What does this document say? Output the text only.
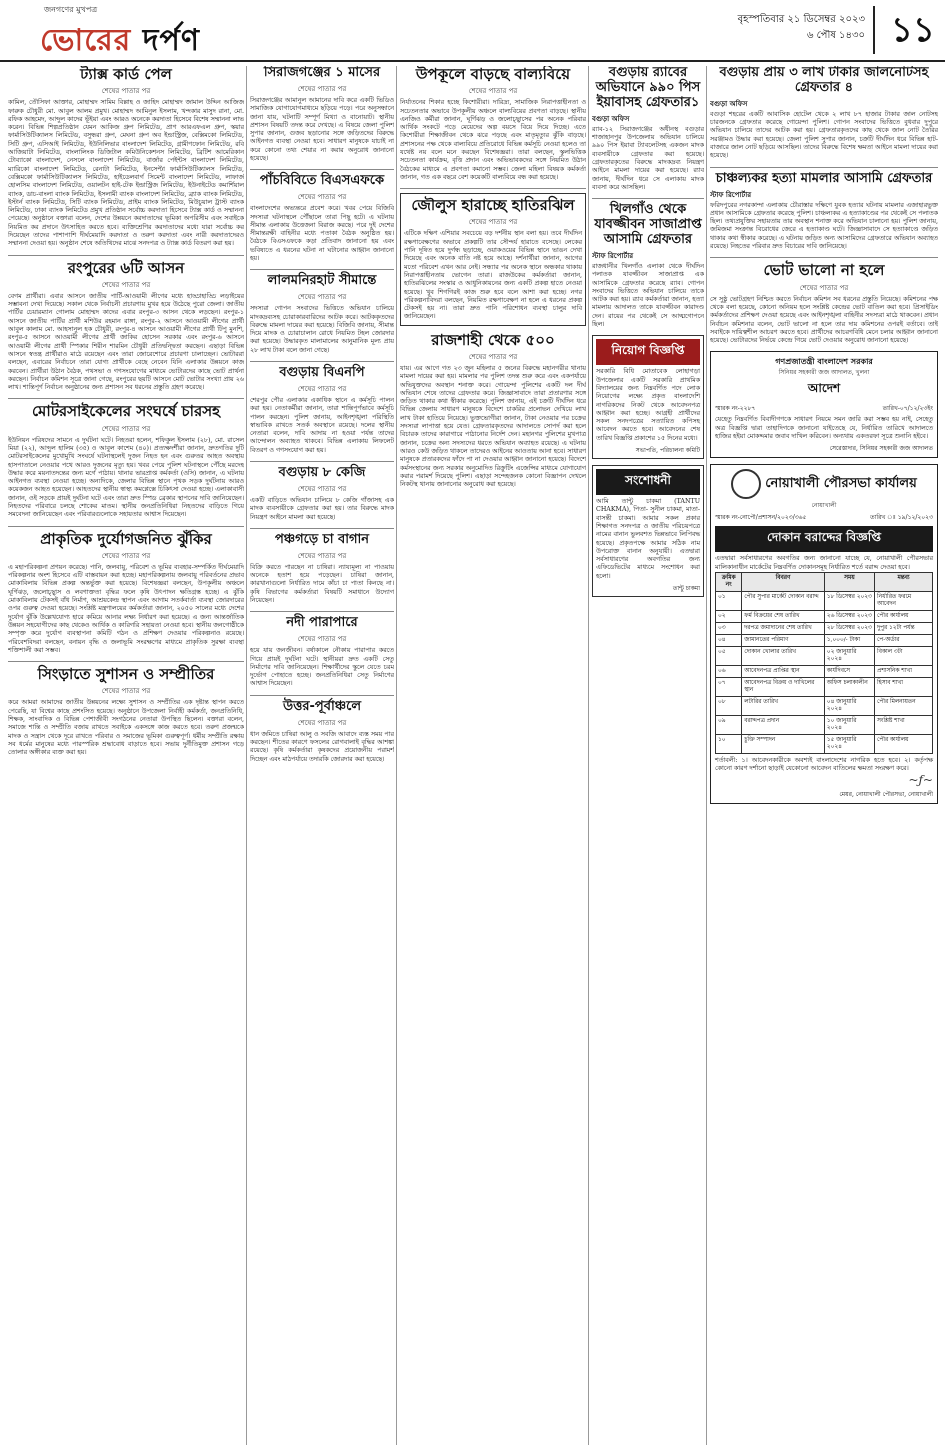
জনগণের মুখপত্র
ভোরের দর্পণ
বৃহস্পতিবার ২১ ডিসেম্বর ২০২৩
৬ পৌষ ১৪৩০ ১১
ট্যাক্স কার্ড পেল
শেষের পাতার পর
কামিল, তৌসিফা আক্তার, মোহাম্মদ সামিম বিল্লাহ ও জাহিদ মোহাম্মদ জামাল উদ্দিন আজিজ ফারুক চৌধুরী মো. আবুল আলম প্রমুখ। মোহাম্মদ আমিনুল ইসলাম, খন্দকার মাসুদ রানা, মো. রফিক আহমেদ, আব্দুল কাদের ভূঁইয়া এবং আরও অনেকে করদাতা হিসেবে বিশেষ সম্মাননা লাভ করেন। বিভিন্ন শিল্পপ্রতিষ্ঠান যেমন আকিজ গ্রুপ লিমিটেড, প্রাণ আরএফএল গ্রুপ, স্কয়ার ফার্মাসিউটিক্যালস লিমিটেড, বসুন্ধরা গ্রুপ, মেঘনা গ্রুপ অব ইন্ডাস্ট্রিজ, বেক্সিমকো লিমিটেড, সিটি গ্রুপ, এসিআই লিমিটেড, ইউনিলিভার বাংলাদেশ লিমিটেড, গ্রামীণফোন লিমিটেড, রবি আজিয়াটা লিমিটেড, বাংলালিংক ডিজিটাল কমিউনিকেশনস লিমিটেড, ব্রিটিশ আমেরিকান টোব্যাকো বাংলাদেশ, নেসলে বাংলাদেশ লিমিটেড, বার্জার পেইন্টস বাংলাদেশ লিমিটেড, ম্যারিকো বাংলাদেশ লিমিটেড, রেনাটা লিমিটেড, ইনসেপ্টা ফার্মাসিউটিক্যালস লিমিটেড, বেক্সিমকো ফার্মাসিউটিক্যালস লিমিটেড, হাইডেলবার্গ সিমেন্ট বাংলাদেশ লিমিটেড, লাফার্জ হোলসিম বাংলাদেশ লিমিটেড, ওয়ালটন হাই-টেক ইন্ডাস্ট্রিজ লিমিটেড, ইউনাইটেড কমার্শিয়াল ব্যাংক, ডাচ-বাংলা ব্যাংক লিমিটেড, ইসলামী ব্যাংক বাংলাদেশ লিমিটেড, ব্র্যাক ব্যাংক লিমিটেড, ইস্টার্ন ব্যাংক লিমিটেড, সিটি ব্যাংক লিমিটেড, প্রাইম ব্যাংক লিমিটেড, মিউচুয়াল ট্রাস্ট ব্যাংক লিমিটেড, ঢাকা ব্যাংক লিমিটেড প্রমুখ প্রতিষ্ঠান সর্বোচ্চ করদাতা হিসেবে ট্যাক্স কার্ড ও সম্মাননা পেয়েছে। অনুষ্ঠানে বক্তারা বলেন, দেশের উন্নয়নে করদাতাদের ভূমিকা অপরিসীম এবং সবাইকে নিয়মিত কর প্রদানে উৎসাহিত করতে হবে। ব্যক্তিশ্রেণির করদাতাদের মধ্যে যারা সর্বোচ্চ কর দিয়েছেন তাদের পাশাপাশি দীর্ঘমেয়াদি করদাতা ও তরুণ করদাতা এবং নারী করদাতাদেরও সম্মাননা দেওয়া হয়। অনুষ্ঠান শেষে অতিথিদের মাঝে সনদপত্র ও ট্যাক্স কার্ড বিতরণ করা হয়।
রংপুরের ৬টি আসন
শেষের পাতার পর
বেগম প্রার্থীরা। এবার আসনে জাতীয় পার্টি-আওয়ামী লীগের মধ্যে হাড্ডাহাড্ডি লড়াইয়ের সম্ভাবনা দেখা দিয়েছে। সকাল থেকে নির্বাচনী প্রচারণায় মুখর হয়ে উঠেছে পুরো জেলা। জাতীয় পার্টির চেয়ারম্যান গোলাম মোহাম্মদ কাদের এবার রংপুর-৩ আসন থেকে লড়ছেন। রংপুর-১ আসনে জাতীয় পার্টির প্রার্থী মশিউর রহমান রাঙ্গা, রংপুর-২ আসনে আওয়ামী লীগের প্রার্থী আবুল কালাম মো. আহসানুল হক চৌধুরী, রংপুর-৪ আসনে আওয়ামী লীগের প্রার্থী টিপু মুনশি, রংপুর-৫ আসনে আওয়ামী লীগের প্রার্থী জাকির হোসেন সরকার এবং রংপুর-৬ আসনে আওয়ামী লীগের প্রার্থী স্পিকার শিরীন শারমিন চৌধুরী প্রতিদ্বন্দ্বিতা করছেন। এছাড়া বিভিন্ন আসনে স্বতন্ত্র প্রার্থীরাও মাঠে রয়েছেন এবং তারা জোরেশোরে প্রচারণা চালাচ্ছেন। ভোটাররা বলছেন, এবারের নির্বাচনে তারা যোগ্য প্রার্থীকে বেছে নেবেন যিনি এলাকার উন্নয়নে কাজ করবেন। প্রার্থীরা উঠান বৈঠক, পথসভা ও গণসংযোগের মাধ্যমে ভোটারদের কাছে ভোট প্রার্থনা করছেন। নির্বাচন কমিশন সূত্রে জানা গেছে, রংপুরের ছয়টি আসনে মোট ভোটার সংখ্যা প্রায় ২৬ লাখ। শান্তিপূর্ণ নির্বাচন অনুষ্ঠানের জন্য প্রশাসন সব ধরনের প্রস্তুতি গ্রহণ করেছে।
মোটরসাইকেলের সংঘর্ষে চারসহ
শেষের পাতার পর
ইউনিয়ন পরিষদের সামনে এ দুর্ঘটনা ঘটে। নিহতরা হলেন, শফিকুল ইসলাম (২৮), মো. রাসেল মিয়া (২২), আব্দুল হালিম (৩৫) ও আবুল কাশেম (৪০)। প্রত্যক্ষদর্শীরা জানান, দ্রুতগতির দুটি মোটরসাইকেলের মুখোমুখি সংঘর্ষে ঘটনাস্থলেই দুজন নিহত হন এবং গুরুতর আহত অবস্থায় হাসপাতালে নেওয়ার পথে আরও দুজনের মৃত্যু হয়। খবর পেয়ে পুলিশ ঘটনাস্থলে পৌঁছে মরদেহ উদ্ধার করে ময়নাতদন্তের জন্য মর্গে পাঠায়। থানার ভারপ্রাপ্ত কর্মকর্তা (ওসি) জানান, এ ঘটনায় আইনগত ব্যবস্থা নেওয়া হচ্ছে। অন্যদিকে, জেলার বিভিন্ন স্থানে পৃথক সড়ক দুর্ঘটনায় আরও কয়েকজন আহত হয়েছেন। আহতদের স্থানীয় স্বাস্থ্য কমপ্লেক্সে চিকিৎসা দেওয়া হচ্ছে। এলাকাবাসী জানান, ওই সড়কে প্রায়ই দুর্ঘটনা ঘটে এবং তারা দ্রুত স্পিড ব্রেকার স্থাপনের দাবি জানিয়েছেন। নিহতদের পরিবারে চলছে শোকের মাতম। স্থানীয় জনপ্রতিনিধিরা নিহতদের বাড়িতে গিয়ে সমবেদনা জানিয়েছেন এবং পরিবারগুলোকে সহায়তার আশ্বাস দিয়েছেন।
প্রাকৃতিক দুর্যোগজনিত ঝুঁকির
শেষের পাতার পর
এ মহাপরিকল্পনা প্রণয়ন করেছে। পানি, জলবায়ু, পরিবেশ ও ভূমির ব্যবহার-সম্পর্কিত দীর্ঘমেয়াদি পরিকল্পনার অংশ হিসেবে এটি বাস্তবায়ন করা হচ্ছে। মহাপরিকল্পনায় জলবায়ু পরিবর্তনের প্রভাব মোকাবিলায় বিভিন্ন প্রকল্প অন্তর্ভুক্ত করা হয়েছে। বিশেষজ্ঞরা বলছেন, উপকূলীয় অঞ্চলে ঘূর্ণিঝড়, জলোচ্ছ্বাস ও লবণাক্ততা বৃদ্ধির ফলে কৃষি উৎপাদন ক্ষতিগ্রস্ত হচ্ছে। এ ঝুঁকি মোকাবিলায় টেকসই বাঁধ নির্মাণ, আশ্রয়কেন্দ্র স্থাপন এবং আগাম সতর্কবার্তা ব্যবস্থা জোরদারের ওপর গুরুত্ব দেওয়া হয়েছে। সংশ্লিষ্ট মন্ত্রণালয়ের কর্মকর্তারা জানান, ২০৫০ সালের মধ্যে দেশের দুর্যোগ ঝুঁকি উল্লেখযোগ্য হারে কমিয়ে আনার লক্ষ্য নির্ধারণ করা হয়েছে। এ জন্য আন্তর্জাতিক উন্নয়ন সহযোগীদের কাছ থেকেও আর্থিক ও কারিগরি সহায়তা নেওয়া হবে। স্থানীয় জনগোষ্ঠীকে সম্পৃক্ত করে দুর্যোগ ব্যবস্থাপনা কমিটি গঠন ও প্রশিক্ষণ দেওয়ার পরিকল্পনাও রয়েছে। পরিবেশবিদরা বলছেন, বনায়ন বৃদ্ধি ও জলাভূমি সংরক্ষণের মাধ্যমে প্রাকৃতিক সুরক্ষা ব্যবস্থা শক্তিশালী করা সম্ভব।
সিংড়াতে সুশাসন ও সম্প্রীতির
শেষের পাতার পর
করে আমরা আমাদের জাতীয় উন্নয়নের লক্ষ্যে সুশাসন ও সম্প্রীতির এক দৃষ্টান্ত স্থাপন করতে পেরেছি, যা বিশ্বের কাছে প্রশংসিত হয়েছে। অনুষ্ঠানে উপজেলা নির্বাহী কর্মকর্তা, জনপ্রতিনিধি, শিক্ষক, সাংবাদিক ও বিভিন্ন পেশাজীবী সংগঠনের নেতারা উপস্থিত ছিলেন। বক্তারা বলেন, সমাজে শান্তি ও সম্প্রীতি বজায় রাখতে সবাইকে একসঙ্গে কাজ করতে হবে। তরুণ প্রজন্মকে মাদক ও সন্ত্রাস থেকে দূরে রাখতে পরিবার ও সমাজের ভূমিকা গুরুত্বপূর্ণ। ধর্মীয় সম্প্রীতি রক্ষায় সব ধর্মের মানুষের মধ্যে পারস্পরিক শ্রদ্ধাবোধ বাড়াতে হবে। সভায় দুর্নীতিমুক্ত প্রশাসন গড়ে তোলার অঙ্গীকার ব্যক্ত করা হয়।
সিরাজগঞ্জের ১ মাসের
শেষের পাতার পর
সিরাজগঞ্জের আমানুল আমানের দাবি করে একটি ভিডিও সামাজিক যোগাযোগমাধ্যমে ছড়িয়ে পড়ে। পরে অনুসন্ধানে জানা যায়, ঘটনাটি সম্পূর্ণ মিথ্যা ও বানোয়াট। স্থানীয় প্রশাসন বিষয়টি তদন্ত করে দেখছে। এ বিষয়ে জেলা পুলিশ সুপার জানান, গুজব ছড়ানোর সঙ্গে জড়িতদের বিরুদ্ধে আইনগত ব্যবস্থা নেওয়া হবে। সাধারণ মানুষকে যাচাই না করে কোনো তথ্য শেয়ার না করার অনুরোধ জানানো হয়েছে।
পাঁচবিবিতে বিএসএফকে
শেষের পাতার পর
বাংলাদেশের অভ্যন্তরে প্রবেশ করে। খবর পেয়ে বিজিবি সদস্যরা ঘটনাস্থলে পৌঁছালে তারা পিছু হটে। এ ঘটনায় সীমান্ত এলাকায় উত্তেজনা বিরাজ করছে। পরে দুই দেশের সীমান্তরক্ষী বাহিনীর মধ্যে পতাকা বৈঠক অনুষ্ঠিত হয়। বৈঠকে বিএসএফকে কড়া প্রতিবাদ জানানো হয় এবং ভবিষ্যতে এ ধরনের ঘটনা না ঘটানোর আহ্বান জানানো হয়।
লালমনিরহাট সীমান্তে
শেষের পাতার পর
সদস্যরা গোপন সংবাদের ভিত্তিতে অভিযান চালিয়ে মাদকদ্রব্যসহ চোরাকারবারিদের আটক করে। আটককৃতদের বিরুদ্ধে মামলা দায়ের করা হয়েছে। বিজিবি জানায়, সীমান্ত দিয়ে মাদক ও চোরাচালান রোধে নিয়মিত টহল জোরদার করা হয়েছে। উদ্ধারকৃত মালামালের আনুমানিক মূল্য প্রায় ২৮ লাখ টাকা বলে জানা গেছে।
বগুড়ায় বিএনপি
শেষের পাতার পর
শেরপুর পৌর এলাকার একাধিক স্থানে এ কর্মসূচি পালন করা হয়। নেতাকর্মীরা জানান, তারা শান্তিপূর্ণভাবে কর্মসূচি পালন করছেন। পুলিশ জানায়, আইনশৃঙ্খলা পরিস্থিতি স্বাভাবিক রাখতে সতর্ক অবস্থানে রয়েছে। দলের স্থানীয় নেতারা বলেন, দাবি আদায় না হওয়া পর্যন্ত তাদের আন্দোলন অব্যাহত থাকবে। বিভিন্ন এলাকায় লিফলেট বিতরণ ও গণসংযোগ করা হয়।
বগুড়ায় ৮ কেজি
শেষের পাতার পর
একটি বাড়িতে অভিযান চালিয়ে ৮ কেজি গাঁজাসহ এক মাদক ব্যবসায়ীকে গ্রেফতার করা হয়। তার বিরুদ্ধে মাদক নিয়ন্ত্রণ আইনে মামলা করা হয়েছে।
পঞ্চগড়ে চা বাগান
শেষের পাতার পর
বিক্রি করতে পারছেন না চাষিরা। ন্যায্যমূল্য না পাওয়ায় অনেকে হতাশ হয়ে পড়েছেন। চাষিরা জানান, কারখানাগুলো নির্ধারিত দামে কাঁচা চা পাতা কিনছে না। কৃষি বিভাগের কর্মকর্তারা বিষয়টি সমাধানে উদ্যোগ নিয়েছেন।
নদী পারাপারে
শেষের পাতার পর
হয়ে যায় জনজীবন। বর্ষাকালে নৌকায় পারাপার করতে গিয়ে প্রায়ই দুর্ঘটনা ঘটে। স্থানীয়রা দ্রুত একটি সেতু নির্মাণের দাবি জানিয়েছেন। শিক্ষার্থীদের স্কুলে যেতে চরম দুর্ভোগ পোহাতে হচ্ছে। জনপ্রতিনিধিরা সেতু নির্মাণের আশ্বাস দিয়েছেন।
উত্তর-পূর্বাঞ্চলে
শেষের পাতার পর
ধান জমিতে চাষিরা আলু ও সবজি আবাদে ব্যস্ত সময় পার করছেন। শীতের কারণে ফসলের রোগবালাই বৃদ্ধির আশঙ্কা রয়েছে। কৃষি কর্মকর্তারা কৃষকদের প্রয়োজনীয় পরামর্শ দিচ্ছেন এবং মাঠপর্যায়ে তদারকি জোরদার করা হয়েছে।
উপকূলে বাড়ছে বাল্যবিয়ে
শেষের পাতার পর
নির্যাতনের শিকার হচ্ছে কিশোরীরা। দারিদ্র্য, সামাজিক নিরাপত্তাহীনতা ও সচেতনতার অভাবে উপকূলীয় অঞ্চলে বাল্যবিয়ের প্রবণতা বাড়ছে। স্থানীয় এনজিও কর্মীরা জানান, ঘূর্ণিঝড় ও জলোচ্ছ্বাসের পর অনেক পরিবার আর্থিক সংকটে পড়ে মেয়েদের অল্প বয়সে বিয়ে দিয়ে দিচ্ছে। এতে কিশোরীরা শিক্ষাজীবন থেকে ঝরে পড়ছে এবং মাতৃমৃত্যুর ঝুঁকি বাড়ছে। প্রশাসনের পক্ষ থেকে বাল্যবিয়ে প্রতিরোধে বিভিন্ন কর্মসূচি নেওয়া হলেও তা যথেষ্ট নয় বলে মনে করছেন বিশেষজ্ঞরা। তারা বলছেন, স্কুলভিত্তিক সচেতনতা কার্যক্রম, বৃত্তি প্রদান এবং অভিভাবকদের সঙ্গে নিয়মিত উঠান বৈঠকের মাধ্যমে এ প্রবণতা কমানো সম্ভব। জেলা মহিলা বিষয়ক কর্মকর্তা জানান, গত এক বছরে বেশ কয়েকটি বাল্যবিয়ে বন্ধ করা হয়েছে।
জৌলুস হারাচ্ছে হাতিরঝিল
শেষের পাতার পর
এটিকে দক্ষিণ এশিয়ার সবচেয়ে বড় দর্শনীয় স্থান বলা হয়। তবে দীর্ঘদিন রক্ষণাবেক্ষণের অভাবে প্রকল্পটি তার সৌন্দর্য হারাতে বসেছে। লেকের পানি দূষিত হয়ে দুর্গন্ধ ছড়াচ্ছে, ওয়াকওয়ের বিভিন্ন স্থানে ভাঙন দেখা দিয়েছে এবং অনেক বাতি নষ্ট হয়ে আছে। দর্শনার্থীরা জানান, আগের মতো পরিবেশ এখন আর নেই। সন্ধ্যার পর অনেক স্থানে অন্ধকার থাকায় নিরাপত্তাহীনতায় ভোগেন তারা। রাজউকের কর্মকর্তারা জানান, হাতিরঝিলের সংস্কার ও আধুনিকায়নের জন্য একটি প্রকল্প হাতে নেওয়া হয়েছে। খুব শিগগিরই কাজ শুরু হবে বলে আশা করা হচ্ছে। নগর পরিকল্পনাবিদরা বলছেন, নিয়মিত রক্ষণাবেক্ষণ না হলে এ ধরনের প্রকল্প টেকসই হয় না। তারা দ্রুত পানি পরিশোধন ব্যবস্থা চালুর দাবি জানিয়েছেন।
রাজশাহী থেকে ৫০০
শেষের পাতার পর
যায়। এর আগে গত ২৩ জুন মহিলার ৫ জনের বিরুদ্ধে মহানগরীর থানায় মামলা দায়ের করা হয়। মামলার পর পুলিশ তদন্ত শুরু করে এবং একপর্যায়ে অভিযুক্তদের অবস্থান শনাক্ত করে। গোয়েন্দা পুলিশের একটি দল দীর্ঘ অভিযান শেষে তাদের গ্রেফতার করে। জিজ্ঞাসাবাদে তারা প্রতারণার সঙ্গে জড়িত থাকার কথা স্বীকার করেছে। পুলিশ জানায়, এই চক্রটি দীর্ঘদিন ধরে বিভিন্ন জেলায় সাধারণ মানুষকে বিদেশে চাকরির প্রলোভন দেখিয়ে লাখ লাখ টাকা হাতিয়ে নিয়েছে। ভুক্তভোগীরা জানান, টাকা নেওয়ার পর চক্রের সদস্যরা লাপাত্তা হয়ে যেত। গ্রেফতারকৃতদের আদালতে সোপর্দ করা হলে বিচারক তাদের কারাগারে পাঠানোর নির্দেশ দেন। মহানগর পুলিশের মুখপাত্র জানান, চক্রের অন্য সদস্যদের ধরতে অভিযান অব্যাহত রয়েছে। এ ঘটনায় আরও কেউ জড়িত থাকলে তাদেরও আইনের আওতায় আনা হবে। সাধারণ মানুষকে প্রতারকদের ফাঁদে পা না দেওয়ার আহ্বান জানানো হয়েছে। বিদেশে কর্মসংস্থানের জন্য সরকার অনুমোদিত রিক্রুটিং এজেন্সির মাধ্যমে যোগাযোগ করার পরামর্শ দিয়েছে পুলিশ। এছাড়া সন্দেহজনক কোনো বিজ্ঞাপন দেখলে নিকটস্থ থানায় জানানোর অনুরোধ করা হয়েছে।
বগুড়ায় র‌্যাবের অভিযানে ৯৯০ পিস ইয়াবাসহ গ্রেফতার১
বগুড়া অফিস
র‌্যাব-১২ সিরাজগঞ্জের অধীনস্থ বগুড়ার শাজাহানপুর উপজেলায় অভিযান চালিয়ে ৯৯০ পিস ইয়াবা ট্যাবলেটসহ একজন মাদক ব্যবসায়ীকে গ্রেফতার করা হয়েছে। গ্রেফতারকৃতের বিরুদ্ধে মাদকদ্রব্য নিয়ন্ত্রণ আইনে মামলা দায়ের করা হয়েছে। র‌্যাব জানায়, দীর্ঘদিন ধরে সে এলাকায় মাদক ব্যবসা করে আসছিল।
খিলগাঁও থেকে যাবজ্জীবন সাজাপ্রাপ্ত আসামি গ্রেফতার
স্টাফ রিপোর্টার
রাজধানীর খিলগাঁও এলাকা থেকে দীর্ঘদিন পলাতক যাবজ্জীবন সাজাপ্রাপ্ত এক আসামিকে গ্রেফতার করেছে র‌্যাব। গোপন সংবাদের ভিত্তিতে অভিযান চালিয়ে তাকে আটক করা হয়। র‌্যাব কর্মকর্তারা জানান, হত্যা মামলায় আদালত তাকে যাবজ্জীবন কারাদণ্ড দেন। রায়ের পর থেকেই সে আত্মগোপনে ছিল।
নিয়োগ বিজ্ঞপ্তি
সরকারি বিধি মোতাবেক লোহাগড়া উপজেলার একটি সরকারি প্রাথমিক বিদ্যালয়ের জন্য নিম্নবর্ণিত পদে লোক নিয়োগের লক্ষ্যে প্রকৃত বাংলাদেশি নাগরিকদের নিকট থেকে আবেদনপত্র আহ্বান করা হচ্ছে। আগ্রহী প্রার্থীদের সকল সনদপত্রের সত্যায়িত কপিসহ আবেদন করতে হবে। আবেদনের শেষ তারিখ বিজ্ঞপ্তি প্রকাশের ১৫ দিনের মধ্যে।
সভাপতি, পরিচালনা কমিটি
সংশোধনী
আমি তান্টু চাকমা (TANTU CHAKMA), পিতা- সুনীল চাকমা, মাতা- বাসন্তী চাকমা। আমার সকল প্রকার শিক্ষাগত সনদপত্র ও জাতীয় পরিচয়পত্রে নামের বানান ভুলবশত ভিন্নভাবে লিপিবদ্ধ হয়েছে। প্রকৃতপক্ষে আমার সঠিক নাম উপরোক্ত বানান অনুযায়ী। এতদ্বারা সর্বসাধারণের অবগতির জন্য এফিডেভিটের মাধ্যমে সংশোধন করা হলো।
তান্টু চাকমা
বগুড়ায় প্রায় ৩ লাখ টাকার জালনোটসহ গ্রেফতার ৪
বগুড়া অফিস
বগুড়া শহরের একটি আবাসিক হোটেল থেকে ২ লাখ ৮৭ হাজার টাকার জাল নোটসহ চারজনকে গ্রেফতার করেছে গোয়েন্দা পুলিশ। গোপন সংবাদের ভিত্তিতে বুধবার দুপুরে অভিযান চালিয়ে তাদের আটক করা হয়। গ্রেফতারকৃতদের কাছ থেকে জাল নোট তৈরির সরঞ্জামও উদ্ধার করা হয়েছে। জেলা পুলিশ সুপার জানান, চক্রটি দীর্ঘদিন ধরে বিভিন্ন হাট-বাজারে জাল নোট ছড়িয়ে আসছিল। তাদের বিরুদ্ধে বিশেষ ক্ষমতা আইনে মামলা দায়ের করা হয়েছে।
চাঞ্চল্যকর হত্যা মামলার আসামি গ্রেফতার
স্টাফ রিপোর্টার
ফরিদপুরের নগরকান্দা এলাকায় চৌরাস্তার দক্ষিণে যুবক হত্যার ঘটনায় মামলার এজাহারভুক্ত প্রধান আসামিকে গ্রেফতার করেছে পুলিশ। চাঞ্চল্যকর এ হত্যাকাণ্ডের পর থেকেই সে পলাতক ছিল। তথ্যপ্রযুক্তির সহায়তায় তার অবস্থান শনাক্ত করে অভিযান চালানো হয়। পুলিশ জানায়, জমিজমা সংক্রান্ত বিরোধের জেরে এ হত্যাকাণ্ড ঘটে। জিজ্ঞাসাবাদে সে হত্যাকাণ্ডে জড়িত থাকার কথা স্বীকার করেছে। এ ঘটনায় জড়িত অন্য আসামিদের গ্রেফতারে অভিযান অব্যাহত রয়েছে। নিহতের পরিবার দ্রুত বিচারের দাবি জানিয়েছে।
ভোট ভালো না হলে
শেষের পাতার পর
সে সুষ্ঠু ভোটগ্রহণ নিশ্চিত করতে নির্বাচন কমিশন সব ধরনের প্রস্তুতি নিয়েছে। কমিশনের পক্ষ থেকে বলা হয়েছে, কোনো অনিয়ম হলে সংশ্লিষ্ট কেন্দ্রের ভোট বাতিল করা হবে। প্রিসাইডিং কর্মকর্তাদের প্রশিক্ষণ দেওয়া হয়েছে এবং আইনশৃঙ্খলা বাহিনীর সদস্যরা মাঠে থাকবেন। প্রধান নির্বাচন কমিশনার বলেন, ভোট ভালো না হলে তার দায় কমিশনের ওপরই বর্তাবে। তাই সবাইকে দায়িত্বশীল আচরণ করতে হবে। প্রার্থীদের আচরণবিধি মেনে চলার আহ্বান জানানো হয়েছে। ভোটারদের নির্ভয়ে কেন্দ্রে গিয়ে ভোট দেওয়ার অনুরোধ জানানো হয়েছে।
গণপ্রজাতন্ত্রী বাংলাদেশ সরকার
সিনিয়র সহকারী জজ আদালত, খুলনা
আদেশ
স্মারক নং-২২৮৭	তারিখ-০৭/১২/২৩ইং
যেহেতু নিম্নবর্ণিত বিবাদীগণকে সাধারণ নিয়মে সমন জারি করা সম্ভব হয় নাই, সেহেতু অত্র বিজ্ঞপ্তি দ্বারা তাহাদিগকে জানানো যাইতেছে যে, নির্ধারিত তারিখে আদালতে হাজির হইয়া মোকদ্দমার জবাব দাখিল করিবেন। অন্যথায় একতরফা সূত্রে শুনানি হইবে।
সেরেস্তাদার, সিনিয়র সহকারী জজ আদালত
নোয়াখালী পৌরসভা কার্যালয়
নোয়াখালী
স্মারক নং-নোপৌ/প্রশাসন/২০২৩/৩৬৫	তারিখ ঃ ১৯/১২/২০২৩
দোকান বরাদ্দের বিজ্ঞপ্তি
এতদ্বারা সর্বসাধারণের অবগতির জন্য জানানো যাচ্ছে যে, নোয়াখালী পৌরসভার মালিকানাধীন মার্কেটের নিম্নবর্ণিত দোকানসমূহ নির্ধারিত শর্তে বরাদ্দ দেওয়া হবে।
ক্রমিক নং	বিবরণ	সময়	মন্তব্য
০১	পৌর সুপার মার্কেট দোকান বরাদ্দ	১৮ ডিসেম্বর ২০২৩	নির্ধারিত ফরমে আবেদন
০২	ফর্ম বিক্রয়ের শেষ তারিখ	২৬ ডিসেম্বর ২০২৩	পৌর কার্যালয়
০৩	দরপত্র জমাদানের শেষ তারিখ	২৮ ডিসেম্বর ২০২৩	দুপুর ১২টা পর্যন্ত
০৪	জামানতের পরিমাণ	১,০০০/- টাকা	পে-অর্ডার
০৫	দোকান খোলার তারিখ	০২ জানুয়ারি ২০২৪	বিকাল ৩টা
০৬	আবেদনপত্র প্রাপ্তির স্থান	কার্যদিবসে	প্রশাসনিক শাখা
০৭	আবেদনপত্র বিক্রয় ও দাখিলের স্থান	অফিস চলাকালীন	হিসাব শাখা
০৮	লটারির তারিখ	০৪ জানুয়ারি ২০২৪	পৌর মিলনায়তন
০৯	বরাদ্দপত্র প্রদান	১০ জানুয়ারি ২০২৪	সংশ্লিষ্ট শাখা
১০	চুক্তি সম্পাদন	১৫ জানুয়ারি ২০২৪	পৌর কার্যালয়
শর্তাবলী: ১। আবেদনকারীকে অবশ্যই বাংলাদেশের নাগরিক হতে হবে। ২। কর্তৃপক্ষ কোনো কারণ দর্শানো ছাড়াই যেকোনো আবেদন বাতিলের ক্ষমতা সংরক্ষণ করে।
~ƒ~
মেয়র, নোয়াখালী পৌরসভা, নোয়াখালী
